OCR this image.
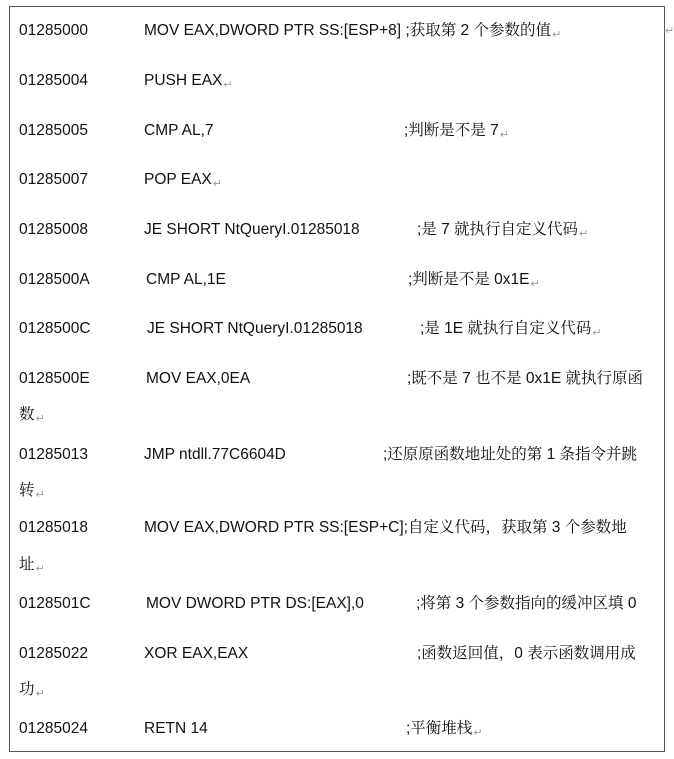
↵
01285000	MOV EAX,DWORD PTR SS:[ESP+8] ;获取第 2 个参数的值↵
01285004	PUSH EAX↵
01285005	CMP AL,7	;判断是不是 7↵
01285007	POP EAX↵
01285008	JE SHORT NtQueryI.01285018	;是 7 就执行自定义代码↵
0128500A	CMP AL,1E	;判断是不是 0x1E↵
0128500C	JE SHORT NtQueryI.01285018	;是 1E 就执行自定义代码↵
0128500E	MOV EAX,0EA	;既不是 7 也不是 0x1E 就执行原函
数↵
01285013	JMP ntdll.77C6604D	;还原原函数地址处的第 1 条指令并跳
转↵
01285018	MOV EAX,DWORD PTR SS:[ESP+C];自定义代码，获取第 3 个参数地
址↵
0128501C	MOV DWORD PTR DS:[EAX],0	;将第 3 个参数指向的缓冲区填 0
01285022	XOR EAX,EAX	;函数返回值，0 表示函数调用成
功↵
01285024	RETN 14	;平衡堆栈↵
